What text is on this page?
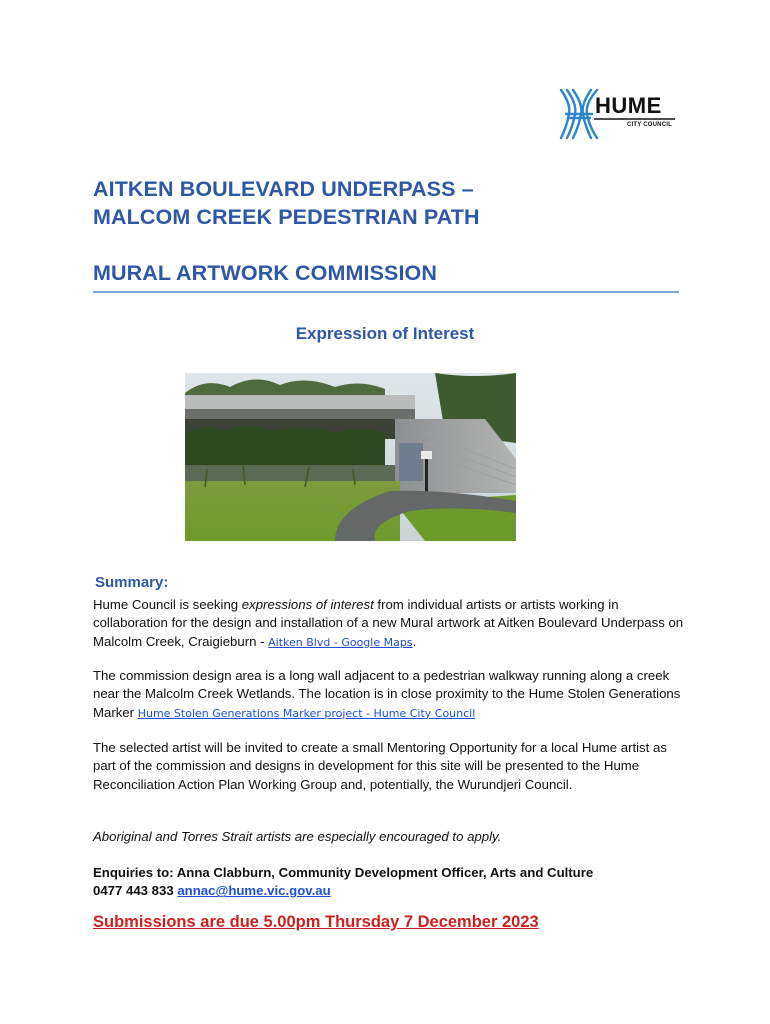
HUME
CITY COUNCIL
AITKEN BOULEVARD UNDERPASS –
MALCOM CREEK PEDESTRIAN PATH
MURAL ARTWORK COMMISSION
Expression of Interest
Summary:
Hume Council is seeking expressions of interest from individual artists or artists working in collaboration for the design and installation of a new Mural artwork at Aitken Boulevard Underpass on Malcolm Creek, Craigieburn - Aitken Blvd - Google Maps.
The commission design area is a long wall adjacent to a pedestrian walkway running along a creek near the Malcolm Creek Wetlands. The location is in close proximity to the Hume Stolen Generations Marker Hume Stolen Generations Marker project - Hume City Council
The selected artist will be invited to create a small Mentoring Opportunity for a local Hume artist as part of the commission and designs in development for this site will be presented to the Hume Reconciliation Action Plan Working Group and, potentially, the Wurundjeri Council.
Aboriginal and Torres Strait artists are especially encouraged to apply.
Enquiries to: Anna Clabburn, Community Development Officer, Arts and Culture
0477 443 833 annac@hume.vic.gov.au
Submissions are due 5.00pm Thursday 7 December 2023
